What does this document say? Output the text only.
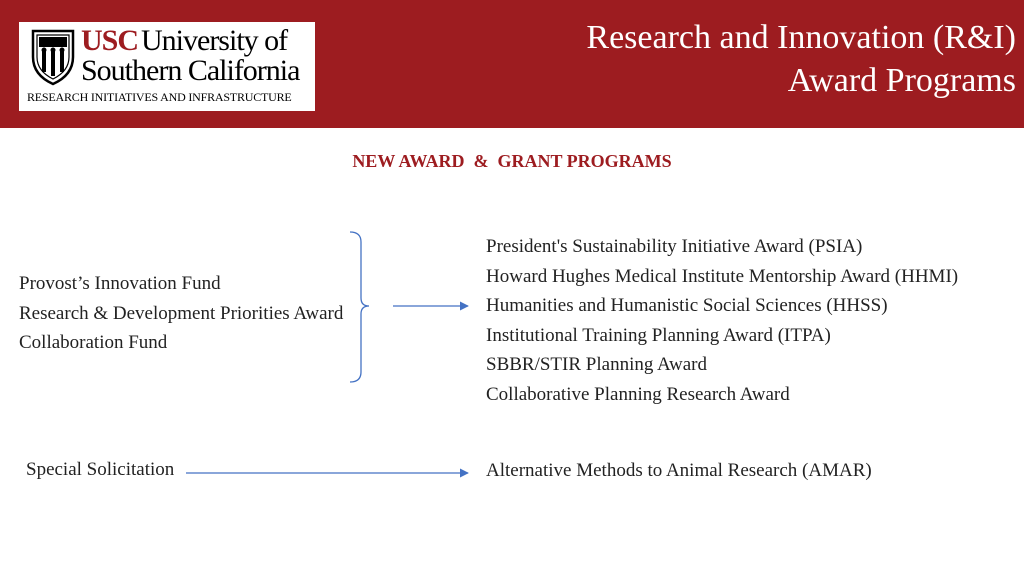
USC University of
Southern California
RESEARCH INITIATIVES AND INFRASTRUCTURE
Research and Innovation (R&I)
Award Programs
NEW AWARD  &  GRANT PROGRAMS
Provost’s Innovation Fund
Research & Development Priorities Award
Collaboration Fund
President's Sustainability Initiative Award (PSIA)
Howard Hughes Medical Institute Mentorship Award (HHMI)
Humanities and Humanistic Social Sciences (HHSS)
Institutional Training Planning Award (ITPA)
SBBR/STIR Planning Award
Collaborative Planning Research Award
Special Solicitation	Alternative Methods to Animal Research (AMAR)
